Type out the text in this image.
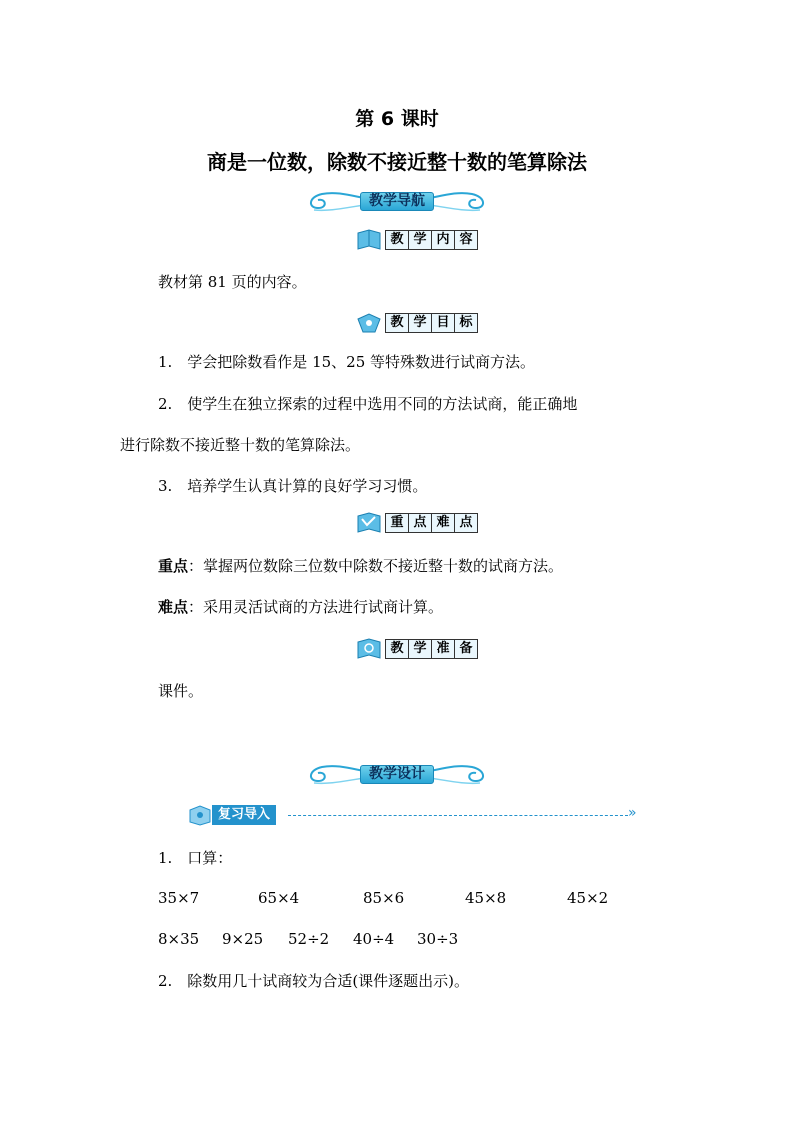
第 6 课时
商是一位数，除数不接近整十数的笔算除法
教学导航
教 学 内 容
教材第 81 页的内容。
教 学 目 标
1.　学会把除数看作是 15、25 等特殊数进行试商方法。
2.　使学生在独立探索的过程中选用不同的方法试商，能正确地
进行除数不接近整十数的笔算除法。
3.　培养学生认真计算的良好学习习惯。
重 点 难 点
重点：掌握两位数除三位数中除数不接近整十数的试商方法。
难点：采用灵活试商的方法进行试商计算。
教 学 准 备
课件。
教学设计
复习导入	»
1.　口算：
35×7	65×4	85×6	45×8	45×2
8×35 9×25 52÷2 40÷4 30÷3
2.　除数用几十试商较为合适(课件逐题出示)。
